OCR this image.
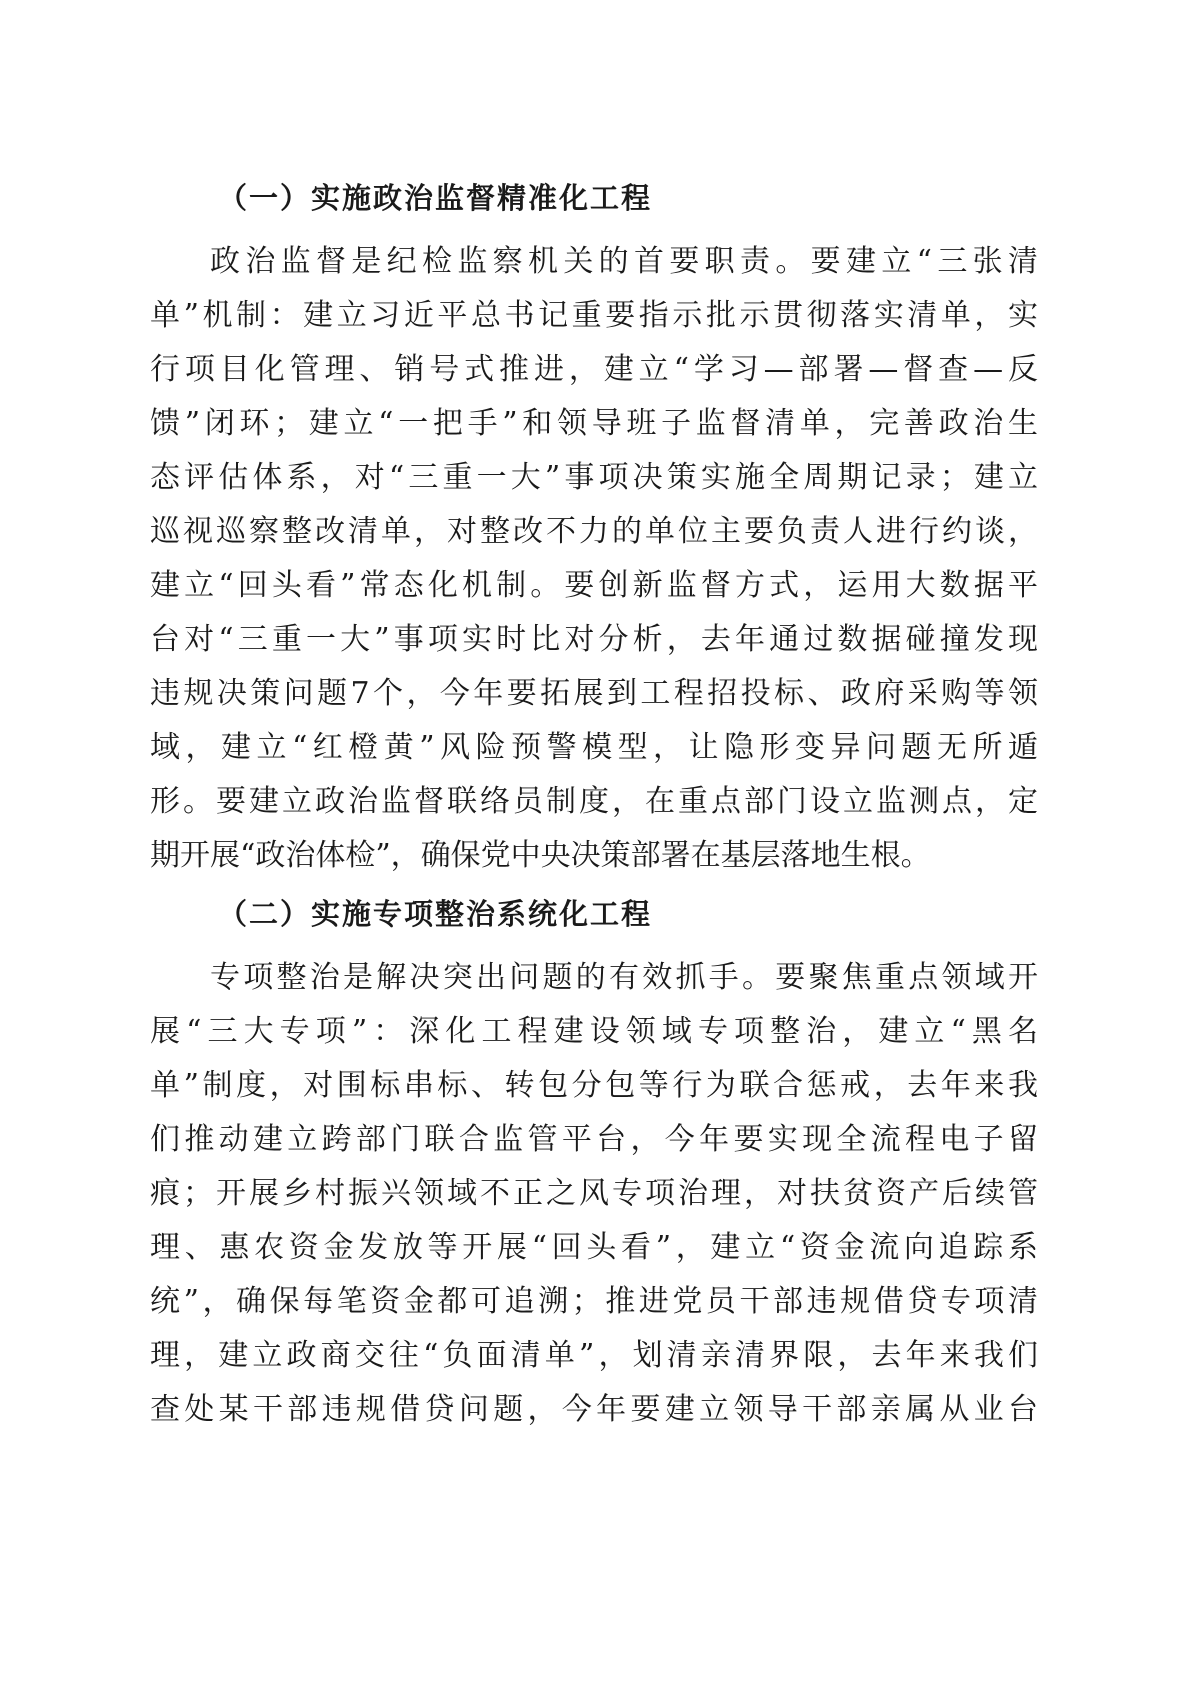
（一）实施政治监督精准化工程
政治监督是纪检监察机关的首要职责。要建立“三张清
单”机制：建立习近平总书记重要指示批示贯彻落实清单，实
行项目化管理、销号式推进，建立“学习—部署—督查—反
馈”闭环；建立“一把手”和领导班子监督清单，完善政治生
态评估体系，对“三重一大”事项决策实施全周期记录；建立
巡视巡察整改清单，对整改不力的单位主要负责人进行约谈，
建立“回头看”常态化机制。要创新监督方式，运用大数据平
台对“三重一大”事项实时比对分析，去年通过数据碰撞发现
违规决策问题7个，今年要拓展到工程招投标、政府采购等领
域，建立“红橙黄”风险预警模型，让隐形变异问题无所遁
形。要建立政治监督联络员制度，在重点部门设立监测点，定
期开展“政治体检”，确保党中央决策部署在基层落地生根。
（二）实施专项整治系统化工程
专项整治是解决突出问题的有效抓手。要聚焦重点领域开
展“三大专项”：深化工程建设领域专项整治，建立“黑名
单”制度，对围标串标、转包分包等行为联合惩戒，去年来我
们推动建立跨部门联合监管平台，今年要实现全流程电子留
痕；开展乡村振兴领域不正之风专项治理，对扶贫资产后续管
理、惠农资金发放等开展“回头看”，建立“资金流向追踪系
统”，确保每笔资金都可追溯；推进党员干部违规借贷专项清
理，建立政商交往“负面清单”，划清亲清界限，去年来我们
查处某干部违规借贷问题，今年要建立领导干部亲属从业台
